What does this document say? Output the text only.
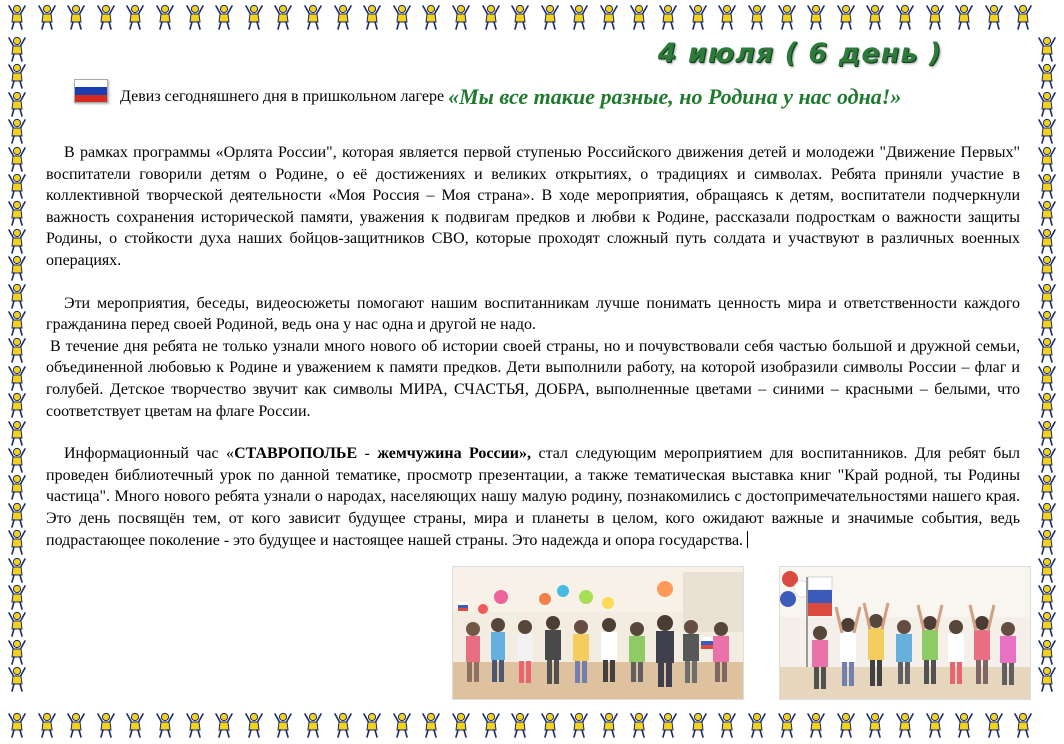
4 июля ( 6 день )
Девиз сегодняшнего дня в пришкольном лагере «Мы все такие разные, но Родина у нас одна!»

В рамках программы «Орлята России", которая является первой ступенью Российского движения детей и молодежи "Движение Первых" воспитатели говорили детям о Родине, о её достижениях и великих открытиях, о традициях и символах. Ребята приняли участие в коллективной творческой деятельности «Моя Россия – Моя страна». В ходе мероприятия, обращаясь к детям, воспитатели подчеркнули важность сохранения исторической памяти, уважения к подвигам предков и любви к Родине, рассказали подросткам о важности защиты Родины, о стойкости духа наших бойцов-защитников СВО, которые проходят сложный путь солдата и участвуют в различных военных операциях.

Эти мероприятия, беседы, видеосюжеты помогают нашим воспитанникам лучше понимать ценность мира и ответственности каждого гражданина перед своей Родиной, ведь она у нас одна и другой не надо.

В течение дня ребята не только узнали много нового об истории своей страны, но и почувствовали себя частью большой и дружной семьи, объединенной любовью к Родине и уважением к памяти предков. Дети выполнили работу, на которой изобразили символы России – флаг и голубей. Детское творчество звучит как символы МИРА, СЧАСТЬЯ, ДОБРА, выполненные цветами – синими – красными – белыми, что соответствует цветам на флаге России.

Информационный час «СТАВРОПОЛЬЕ - жемчужина России», стал следующим мероприятием для воспитанников. Для ребят был проведен библиотечный урок по данной тематике, просмотр презентации, а также тематическая выставка книг "Край родной, ты Родины частица". Много нового ребята узнали о народах, населяющих нашу малую родину, познакомились с достопримечательностями нашего края. Это день посвящён тем, от кого зависит будущее страны, мира и планеты в целом, кого ожидают важные и значимые события, ведь подрастающее поколение - это будущее и настоящее нашей страны. Это надежда и опора государства.
